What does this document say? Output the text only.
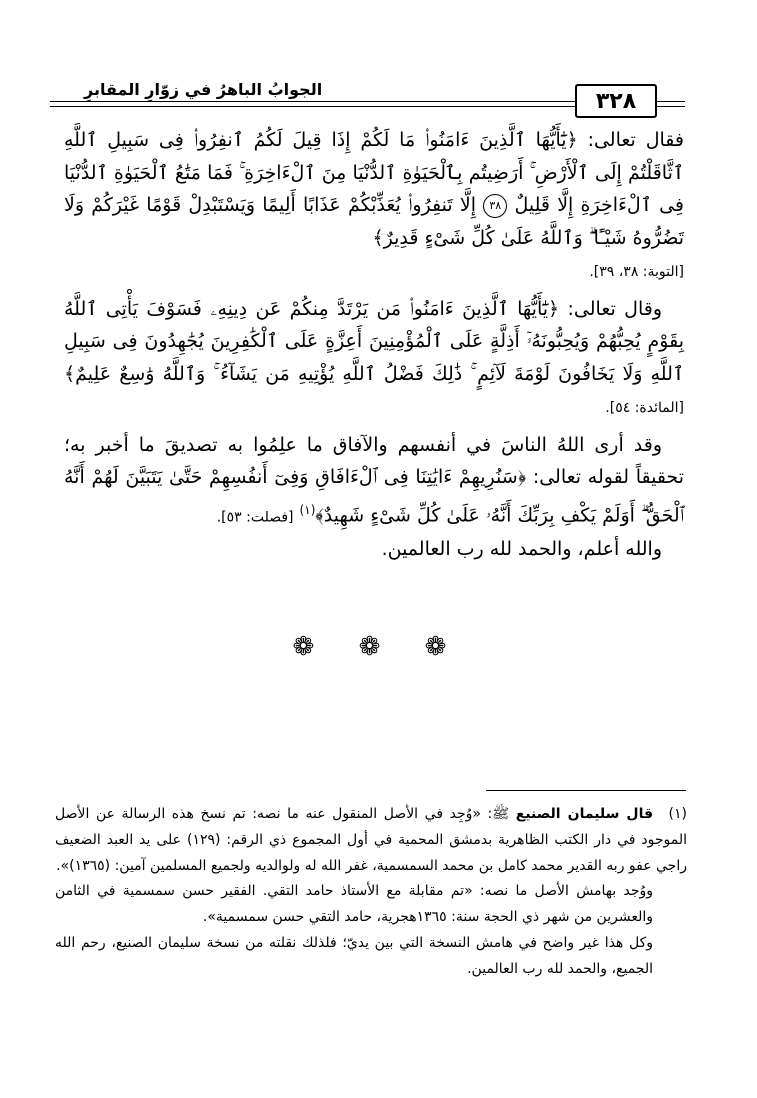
الجوابُ الباهرُ في زوّارِ المقابرِ	٣٢٨

فقال تعالى: ﴿يَٰٓأَيُّهَا ٱلَّذِينَ ءَامَنُوا۟ مَا لَكُمْ إِذَا قِيلَ لَكُمُ ٱنفِرُوا۟ فِى سَبِيلِ ٱللَّهِ ٱثَّاقَلْتُمْ إِلَى ٱلْأَرْضِ ۚ أَرَضِيتُم بِٱلْحَيَوٰةِ ٱلدُّنْيَا مِنَ ٱلْءَاخِرَةِ ۚ فَمَا مَتَٰعُ ٱلْحَيَوٰةِ ٱلدُّنْيَا فِى ٱلْءَاخِرَةِ إِلَّا قَلِيلٌ ٣٨ إِلَّا تَنفِرُوا۟ يُعَذِّبْكُمْ عَذَابًا أَلِيمًا وَيَسْتَبْدِلْ قَوْمًا غَيْرَكُمْ وَلَا تَضُرُّوهُ شَيْـًٔا ۗ وَٱللَّهُ عَلَىٰ كُلِّ شَىْءٍ قَدِيرٌ﴾

[التوبة: ٣٨، ٣٩].

وقال تعالى: ﴿يَٰٓأَيُّهَا ٱلَّذِينَ ءَامَنُوا۟ مَن يَرْتَدَّ مِنكُمْ عَن دِينِهِۦ فَسَوْفَ يَأْتِى ٱللَّهُ بِقَوْمٍ يُحِبُّهُمْ وَيُحِبُّونَهُۥٓ أَذِلَّةٍ عَلَى ٱلْمُؤْمِنِينَ أَعِزَّةٍ عَلَى ٱلْكَٰفِرِينَ يُجَٰهِدُونَ فِى سَبِيلِ ٱللَّهِ وَلَا يَخَافُونَ لَوْمَةَ لَآئِمٍ ۚ ذَٰلِكَ فَضْلُ ٱللَّهِ يُؤْتِيهِ مَن يَشَآءُ ۚ وَٱللَّهُ وَٰسِعٌ عَلِيمٌ﴾ [المائدة: ٥٤].

وقد أرى اللهُ الناسَ في أنفسهم والآفاق ما علِمُوا به تصديقَ ما أخبر به؛ تحقيقاً لقوله تعالى: ﴿سَنُرِيهِمْ ءَايَٰتِنَا فِى ٱلْءَافَاقِ وَفِىٓ أَنفُسِهِمْ حَتَّىٰ يَتَبَيَّنَ لَهُمْ أَنَّهُ ٱلْحَقُّ ۗ أَوَلَمْ يَكْفِ بِرَبِّكَ أَنَّهُۥ عَلَىٰ كُلِّ شَىْءٍ شَهِيدٌ﴾$^{(١)}$ [فصلت: ٥٣].

والله أعلم، والحمد لله رب العالمين.

❁ ❁ ❁

(١)قال سليمان الصنيع ﷺ: «وُجِد في الأصل المنقول عنه ما نصه: تم نسخ هذه الرسالة عن الأصل الموجود في دار الكتب الظاهرية بدمشق المحمية في أول المجموع ذي الرقم: (١٢٩) على يد العبد الضعيف راجي عفو ربه القدير محمد كامل بن محمد السمسمية، غفر الله له ولوالديه ولجميع المسلمين آمين: (١٣٦٥)».

ووُجد بهامش الأصل ما نصه: «تم مقابلة مع الأستاذ حامد التقي. الفقير حسن سمسمية في الثامن والعشرين من شهر ذي الحجة سنة: ١٣٦٥هجرية، حامد التقي حسن سمسمية».

وكل هذا غير واضح في هامش النسخة التي بين يديّ؛ فلذلك نقلته من نسخة سليمان الصنيع، رحم الله الجميع، والحمد لله رب العالمين.
